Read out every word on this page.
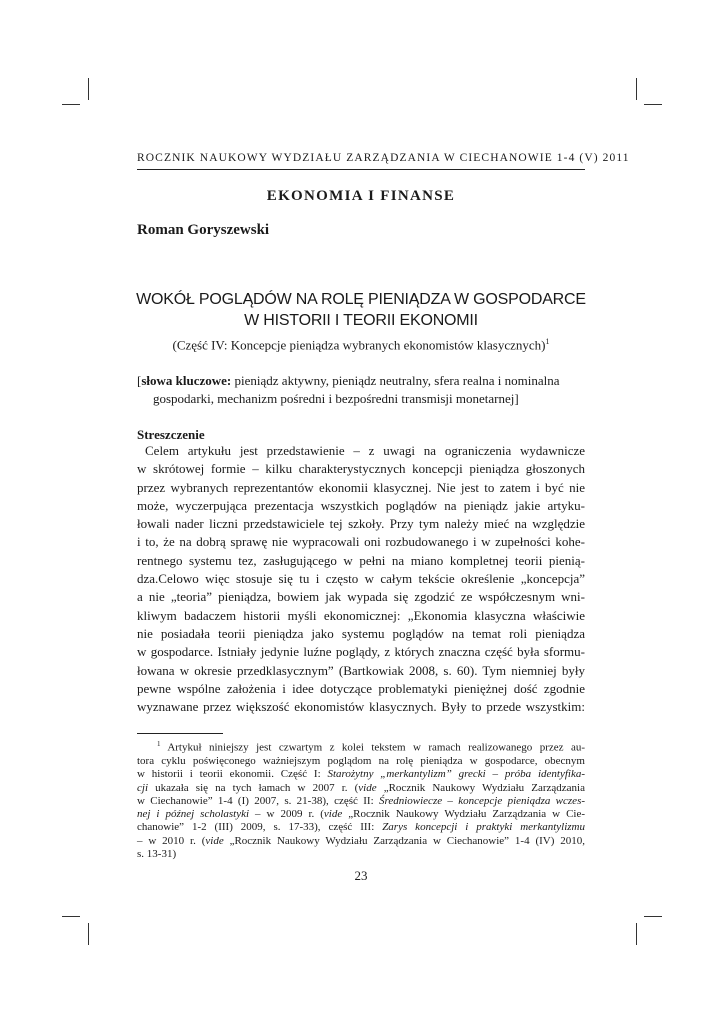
ROCZNIK NAUKOWY WYDZIAŁU ZARZĄDZANIA W CIECHANOWIE 1-4 (V) 2011
EKONOMIA I FINANSE
Roman Goryszewski
WOKÓŁ POGLĄDÓW NA ROLĘ PIENIĄDZA W GOSPODARCE
W HISTORII I TEORII EKONOMII
(Część IV: Koncepcje pieniądza wybranych ekonomistów klasycznych)$^1$
[słowa kluczowe: pieniądz aktywny, pieniądz neutralny, sfera realna i nominalna
gospodarki, mechanizm pośredni i bezpośredni transmisji monetarnej]
Streszczenie
Celem artykułu jest przedstawienie – z uwagi na ograniczenia wydawnicze
w skrótowej formie – kilku charakterystycznych koncepcji pieniądza głoszonych
przez wybranych reprezentantów ekonomii klasycznej. Nie jest to zatem i być nie
może, wyczerpująca prezentacja wszystkich poglądów na pieniądz jakie artyku-
łowali nader liczni przedstawiciele tej szkoły. Przy tym należy mieć na względzie
i to, że na dobrą sprawę nie wypracowali oni rozbudowanego i w zupełności kohe-
rentnego systemu tez, zasługującego w pełni na miano kompletnej teorii pienią-
dza.Celowo więc stosuje się tu i często w całym tekście określenie „koncepcja”
a nie „teoria” pieniądza, bowiem jak wypada się zgodzić ze współczesnym wni-
kliwym badaczem historii myśli ekonomicznej: „Ekonomia klasyczna właściwie
nie posiadała teorii pieniądza jako systemu poglądów na temat roli pieniądza
w gospodarce. Istniały jedynie luźne poglądy, z których znaczna część była sformu-
łowana w okresie przedklasycznym” (Bartkowiak 2008, s. 60). Tym niemniej były
pewne wspólne założenia i idee dotyczące problematyki pieniężnej dość zgodnie
wyznawane przez większość ekonomistów klasycznych. Były to przede wszystkim:
$^1$ Artykuł niniejszy jest czwartym z kolei tekstem w ramach realizowanego przez au-
tora cyklu poświęconego ważniejszym poglądom na rolę pieniądza w gospodarce, obecnym
w historii i teorii ekonomii. Część I: Starożytny „merkantylizm” grecki – próba identyfika-
cji ukazała się na tych łamach w 2007 r. (vide „Rocznik Naukowy Wydziału Zarządzania
w Ciechanowie” 1-4 (I) 2007, s. 21-38), część II: Średniowiecze – koncepcje pieniądza wczes-
nej i późnej scholastyki – w 2009 r. (vide „Rocznik Naukowy Wydziału Zarządzania w Cie-
chanowie” 1-2 (III) 2009, s. 17-33), część III: Zarys koncepcji i praktyki merkantylizmu
– w 2010 r. (vide „Rocznik Naukowy Wydziału Zarządzania w Ciechanowie” 1-4 (IV) 2010,
s. 13-31)
23
